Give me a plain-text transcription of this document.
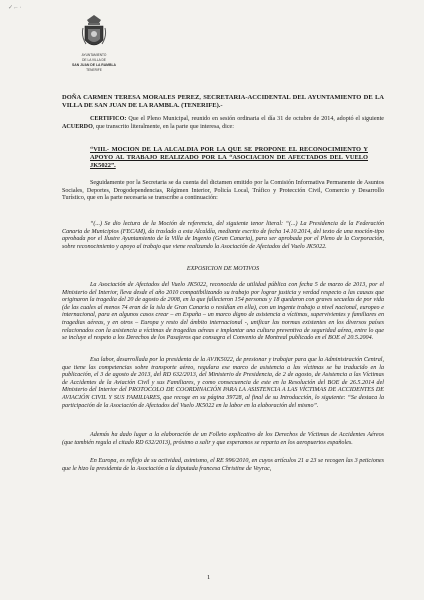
✓ ⌐ ·
AYUNTAMIENTO
DE LA VILLA DE
SAN JUAN DE LA RAMBLA
TENERIFE
DOÑA CARMEN TERESA MORALES PEREZ, SECRETARIA-ACCIDENTAL DEL AYUNTAMIENTO DE LA VILLA DE SAN JUAN DE LA RAMBLA. (TENERIFE).-

CERTIFICO: Que el Pleno Municipal, reunido en sesión ordinaria el día 31 de octubre de 2014, adoptó el siguiente ACUERDO, que transcrito literalmente, en la parte que interesa, dice:

“VIII.- MOCION DE LA ALCALDIA POR LA QUE SE PROPONE EL RECONOCIMIENTO Y APOYO AL TRABAJO REALIZADO POR LA “ASOCIACION DE AFECTADOS DEL VUELO JK5022”.

Seguidamente por la Secretaria se da cuenta del dictamen emitido por la Comisión Informativa Permanente de Asuntos Sociales, Deportes, Drogodependencias, Régimen Interior, Policía Local, Tráfico y Protección Civil, Comercio y Desarrollo Turístico, que en la parte necesaria se transcribe a continuación:

“(...) Se dio lectura de la Moción de referencia, del siguiente tenor literal: “(...) La Presidencia de la Federación Canaria de Municipios (FECAM), da traslado a esta Alcaldía, mediante escrito de fecha 14.10.2014, del texto de una moción-tipo aprobada por el Ilustre Ayuntamiento de la Villa de Ingenio (Gran Canaria), para ser aprobada por el Pleno de la Corporación, sobre reconocimiento y apoyo al trabajo que viene realizando la Asociación de Afectados del Vuelo JK5022.

EXPOSICION DE MOTIVOS

La Asociación de Afectados del Vuelo JK5022, reconocida de utilidad pública con fecha 5 de marzo de 2013, por el Ministerio del Interior, lleva desde el año 2010 compatibilizando su trabajo por lograr justicia y verdad respecto a las causas que originaron la tragedia del 20 de agosto de 2008, en la que fallecieron 154 personas y 18 quedaron con graves secuelas de por vida (de las cuales al menos 74 eran de la isla de Gran Canaria o residían en ella), con un ingente trabajo a nivel nacional, europeo e internacional, para en algunos casos crear – en España – un marco digno de asistencia a víctimas, supervivientes y familiares en tragedias aéreas, y en otros – Europa y resto del ámbito internacional -, unificar las normas existentes en los diversos países relacionados con la asistencia a víctimas de tragedias aéreas e implantar una cultura preventiva de seguridad aérea, entre lo que se incluye el respeto a los Derechos de los Pasajeros que consagra el Convenio de Montreal publicado en el BOE el 20.5.2004.

Esa labor, desarrollada por la presidenta de la AVJK5022, de presionar y trabajar para que la Administración Central, que tiene las competencias sobre transporte aéreo, regulara ese marco de asistencia a las víctimas se ha traducido en la publicación, el 3 de agosto de 2013, del RD 632/2013, del Ministerio de Presidencia, de 2 de agosto, de Asistencia a las Víctimas de Accidentes de la Aviación Civil y sus Familiares, y como consecuencia de este en la Resolución del BOE de 26.5.2014 del Ministerio del Interior del PROTOCOLO DE COORDINACIÓN PARA LA ASISTENCIA A LAS VÍCTIMAS DE ACCIDENTES DE AVIACIÓN CIVIL Y SUS FAMILIARES, que recoge en su página 39728, al final de su Introducción, lo siguiente: “Se destaca la participación de la Asociación de Afectados del Vuelo JK5022 en la labor en la elaboración del mismo”.

Además ha dado lugar a la elaboración de un Folleto explicativo de los Derechos de Víctimas de Accidentes Aéreos (que también regula el citado RD 632/2013), próximo a salir y que esperamos se reparta en los aeropuertos españoles.

En Europa, es reflejo de su actividad, asimismo, el RE 996/2010, en cuyos artículos 21 a 23 se recogen las 3 peticiones que le hizo la presidenta de la Asociación a la diputada francesa Christine de Veyrac,

1
